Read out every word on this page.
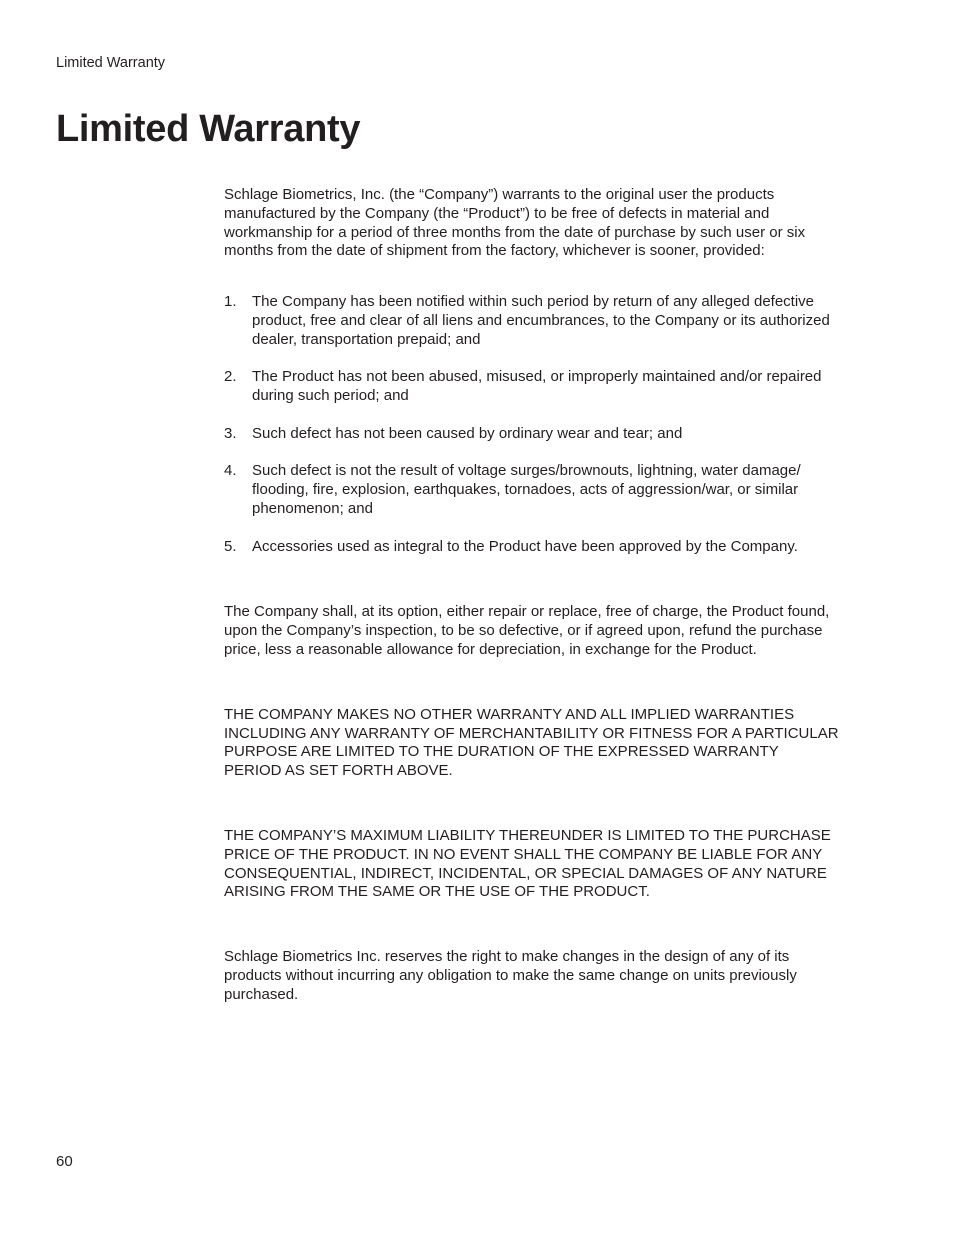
Limited Warranty
Limited Warranty

Schlage Biometrics, Inc. (the “Company”) warrants to the original user the products manufactured by the Company (the “Product”) to be free of defects in material and workmanship for a period of three months from the date of purchase by such user or six months from the date of shipment from the factory, whichever is sooner, provided:

1. The Company has been notified within such period by return of any alleged defective product, free and clear of all liens and encumbrances, to the Company or its authorized dealer, transportation prepaid; and
2. The Product has not been abused, misused, or improperly maintained and/or repaired during such period; and
3. Such defect has not been caused by ordinary wear and tear; and
4. Such defect is not the result of voltage surges/brownouts, lightning, water damage/ flooding, fire, explosion, earthquakes, tornadoes, acts of aggression/war, or similar phenomenon; and
5. Accessories used as integral to the Product have been approved by the Company.

The Company shall, at its option, either repair or replace, free of charge, the Product found, upon the Company’s inspection, to be so defective, or if agreed upon, refund the purchase price, less a reasonable allowance for depreciation, in exchange for the Product.

THE COMPANY MAKES NO OTHER WARRANTY AND ALL IMPLIED WARRANTIES INCLUDING ANY WARRANTY OF MERCHANTABILITY OR FITNESS FOR A PARTICULAR PURPOSE ARE LIMITED TO THE DURATION OF THE EXPRESSED WARRANTY PERIOD AS SET FORTH ABOVE.

THE COMPANY’S MAXIMUM LIABILITY THEREUNDER IS LIMITED TO THE PURCHASE PRICE OF THE PRODUCT. IN NO EVENT SHALL THE COMPANY BE LIABLE FOR ANY CONSEQUENTIAL, INDIRECT, INCIDENTAL, OR SPECIAL DAMAGES OF ANY NATURE ARISING FROM THE SAME OR THE USE OF THE PRODUCT.

Schlage Biometrics Inc. reserves the right to make changes in the design of any of its products without incurring any obligation to make the same change on units previously purchased.

60
